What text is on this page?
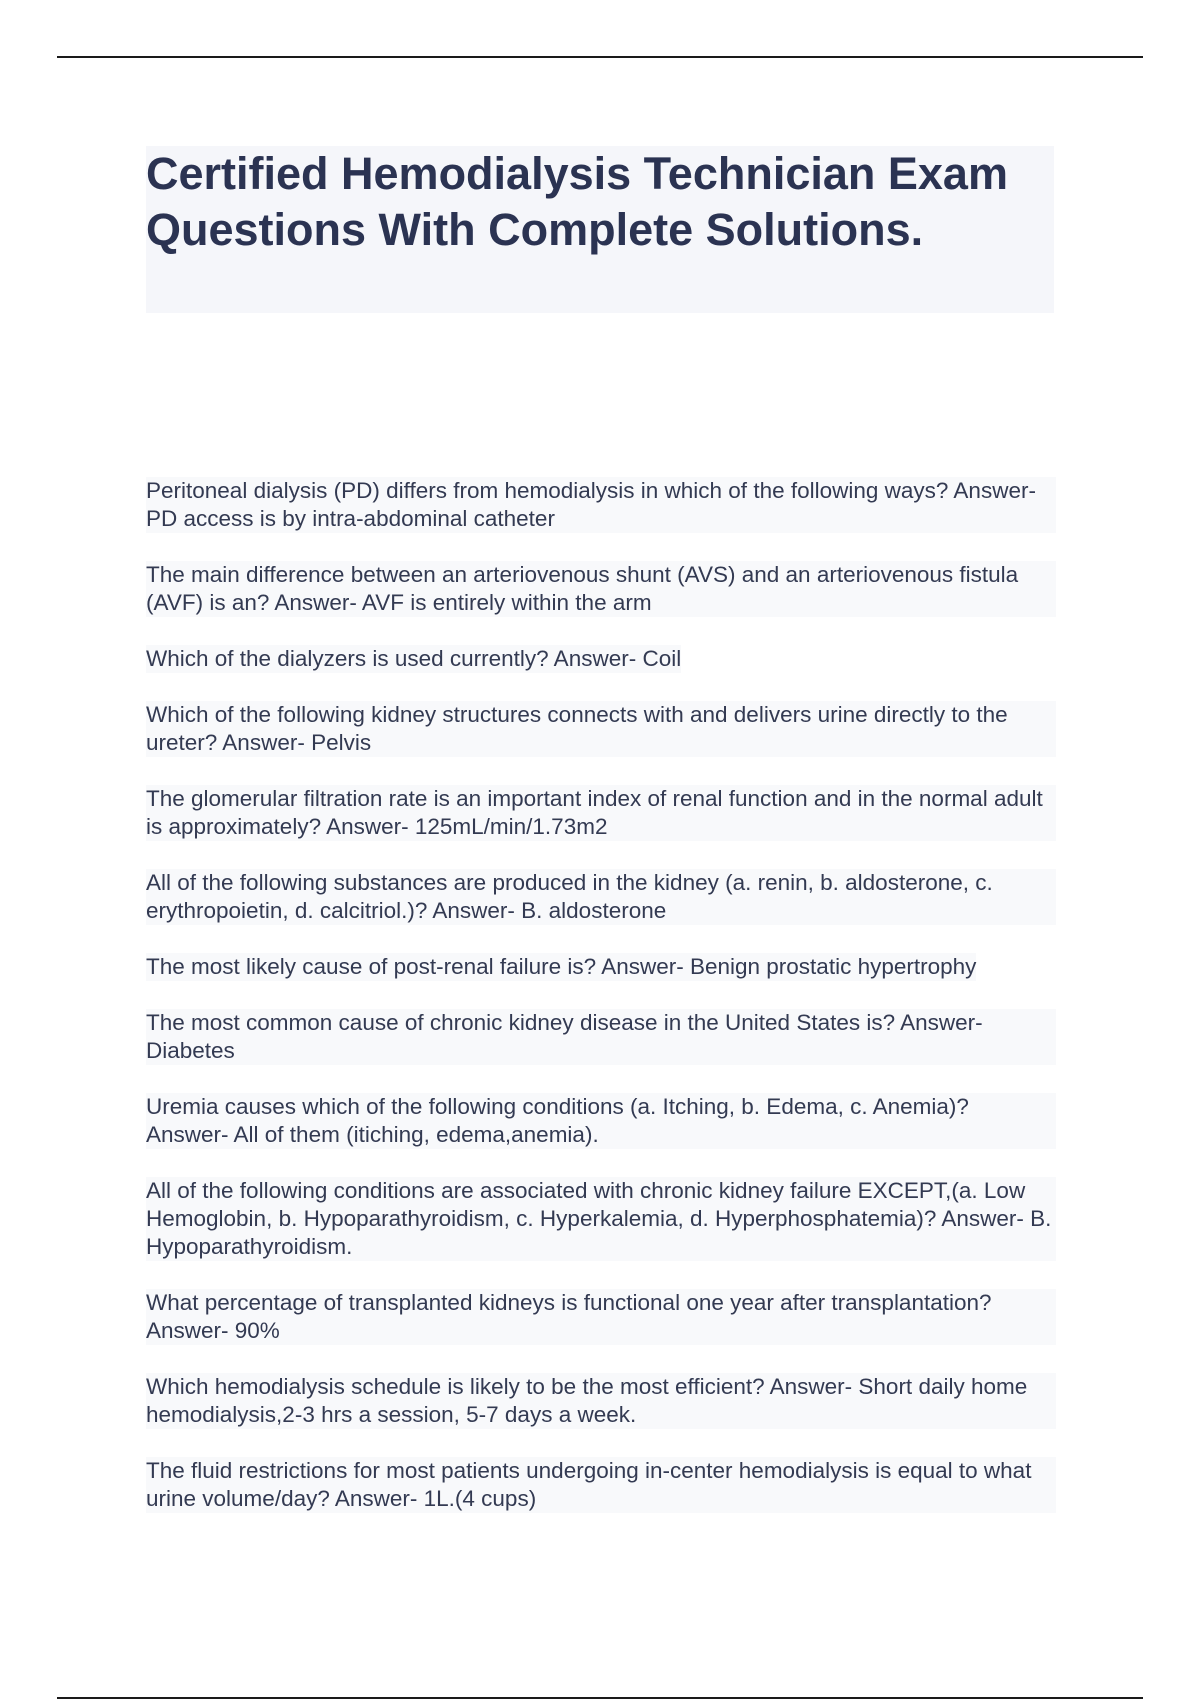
Certified Hemodialysis Technician Exam Questions With Complete Solutions.
Peritoneal dialysis (PD) differs from hemodialysis in which of the following ways? Answer- PD access is by intra-abdominal catheter
The main difference between an arteriovenous shunt (AVS) and an arteriovenous fistula (AVF) is an? Answer- AVF is entirely within the arm
Which of the dialyzers is used currently? Answer- Coil
Which of the following kidney structures connects with and delivers urine directly to the ureter? Answer- Pelvis
The glomerular filtration rate is an important index of renal function and in the normal adult is approximately? Answer- 125mL/min/1.73m2
All of the following substances are produced in the kidney (a. renin, b. aldosterone, c. erythropoietin, d. calcitriol.)? Answer- B. aldosterone
The most likely cause of post-renal failure is? Answer- Benign prostatic hypertrophy
The most common cause of chronic kidney disease in the United States is? Answer- Diabetes
Uremia causes which of the following conditions (a. Itching, b. Edema, c. Anemia)? Answer- All of them (itiching, edema,anemia).
All of the following conditions are associated with chronic kidney failure EXCEPT,(a. Low Hemoglobin, b. Hypoparathyroidism, c. Hyperkalemia, d. Hyperphosphatemia)? Answer- B. Hypoparathyroidism.
What percentage of transplanted kidneys is functional one year after transplantation? Answer- 90%
Which hemodialysis schedule is likely to be the most efficient? Answer- Short daily home hemodialysis,2-3 hrs a session, 5-7 days a week.
The fluid restrictions for most patients undergoing in-center hemodialysis is equal to what urine volume/day? Answer- 1L.(4 cups)
